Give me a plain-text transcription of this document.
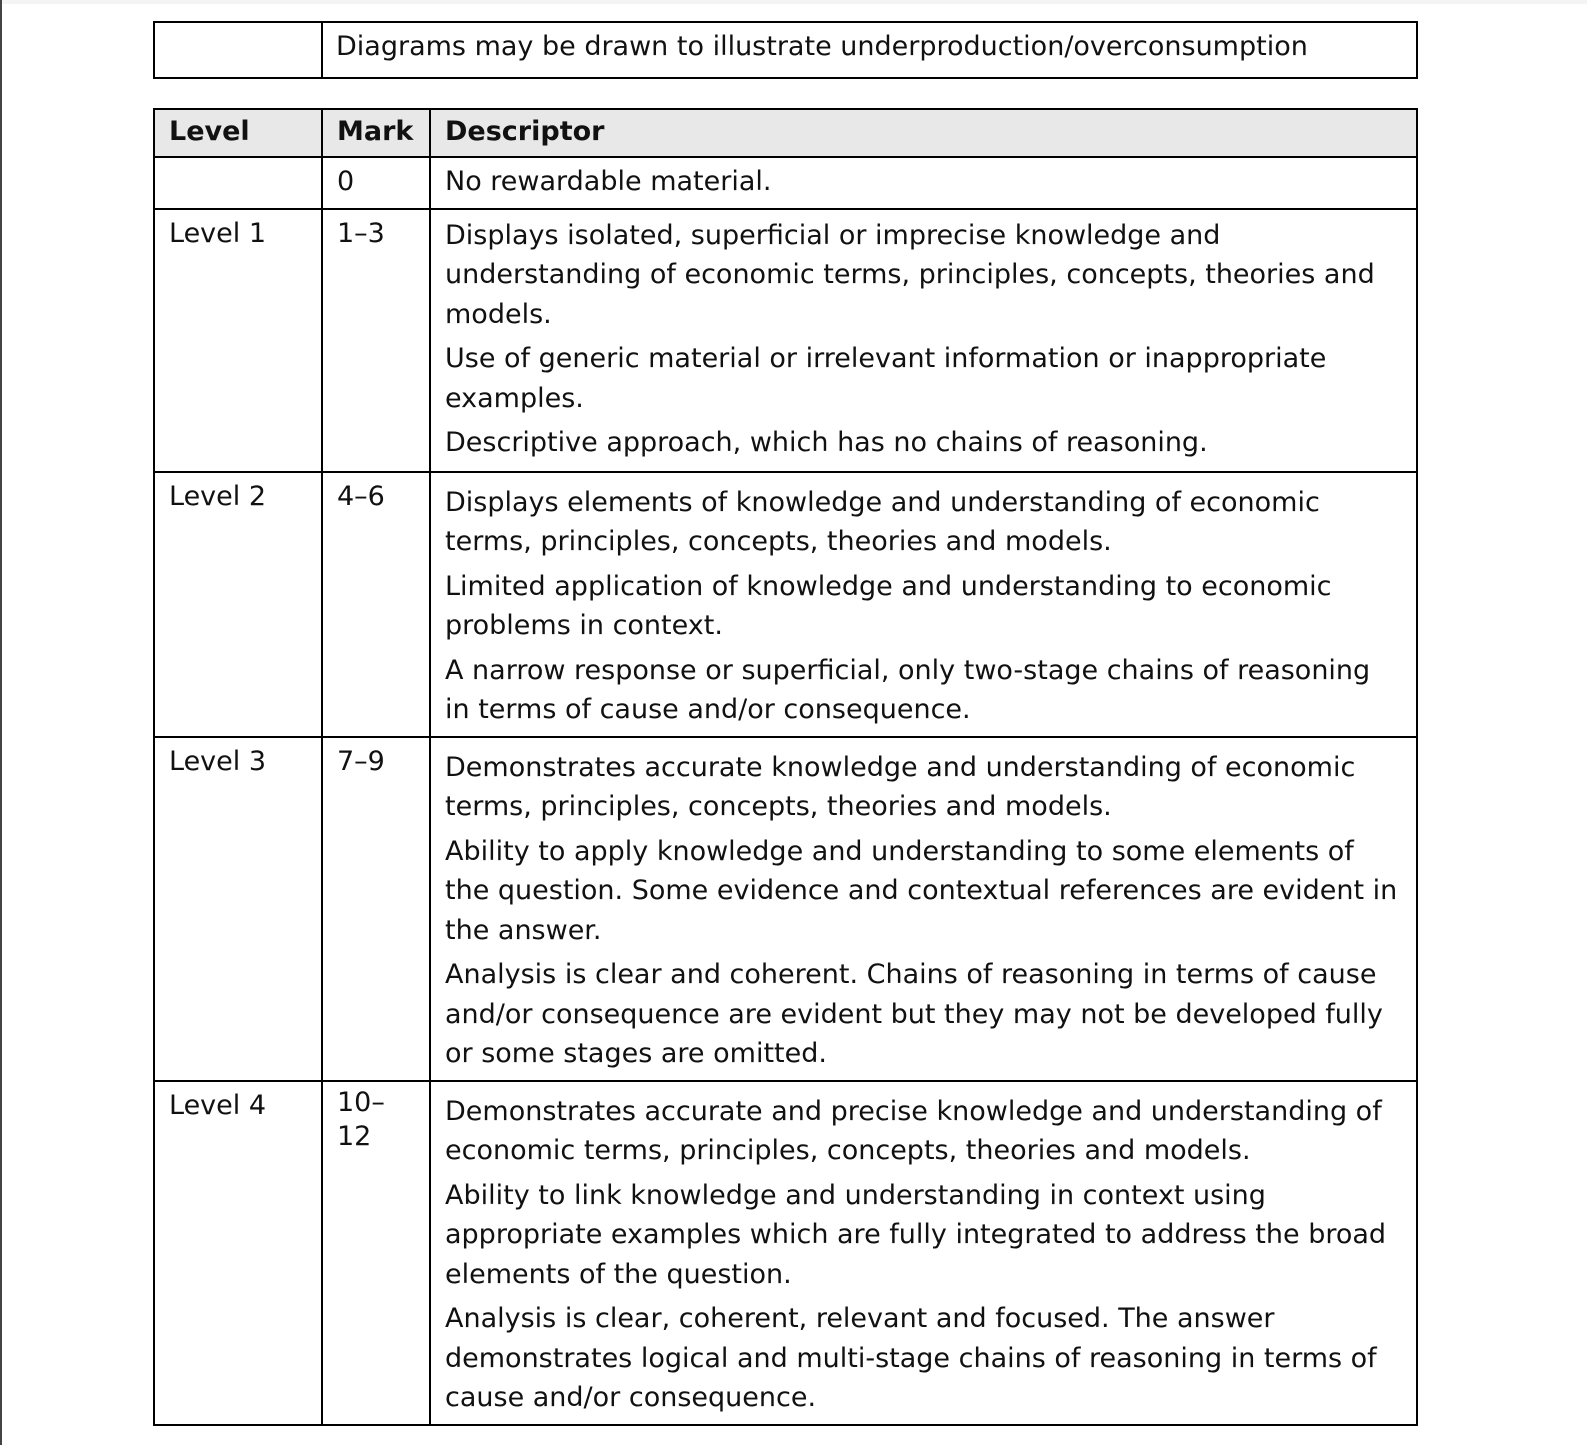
	Diagrams may be drawn to illustrate underproduction/overconsumption
Level	Mark	Descriptor
	0	No rewardable material.

Level 1	1–3	Displays isolated, superficial or imprecise knowledge and understanding of economic terms, principles, concepts, theories and models.

Use of generic material or irrelevant information or inappropriate examples.

Descriptive approach, which has no chains of reasoning.

Level 2	4–6	Displays elements of knowledge and understanding of economic terms, principles, concepts, theories and models.

Limited application of knowledge and understanding to economic problems in context.

A narrow response or superficial, only two-stage chains of reasoning in terms of cause and/or consequence.

Level 3	7–9	Demonstrates accurate knowledge and understanding of economic terms, principles, concepts, theories and models.

Ability to apply knowledge and understanding to some elements of the question. Some evidence and contextual references are evident in the answer.

Analysis is clear and coherent. Chains of reasoning in terms of cause and/or consequence are evident but they may not be developed fully or some stages are omitted.

Level 4	10–12	Demonstrates accurate and precise knowledge and understanding of economic terms, principles, concepts, theories and models.

Ability to link knowledge and understanding in context using appropriate examples which are fully integrated to address the broad elements of the question.

Analysis is clear, coherent, relevant and focused. The answer demonstrates logical and multi-stage chains of reasoning in terms of cause and/or consequence.
